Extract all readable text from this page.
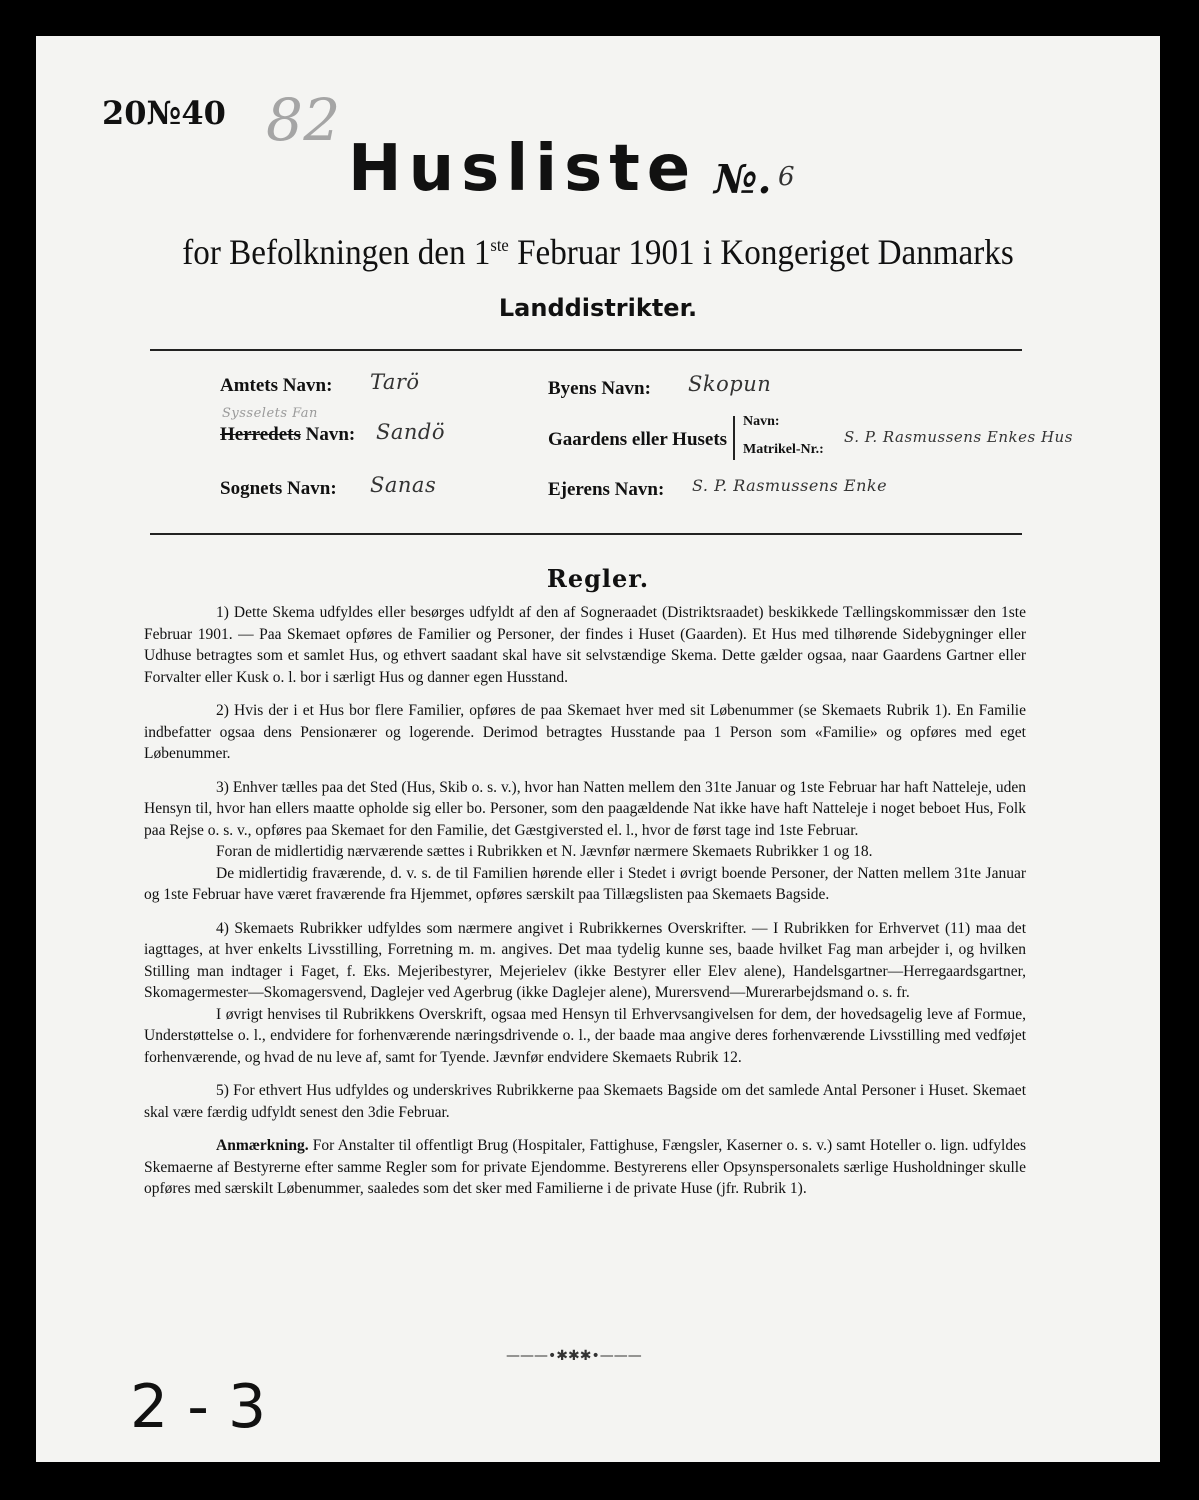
20№40 82
Husliste №. 6
for Befolkningen den 1ste Februar 1901 i Kongeriget Danmarks
Landdistrikter.
Amtets Navn: Tarö
Sysselets Fan
Herredets Navn: Sandö
Sognets Navn: Sanas
Byens Navn: Skopun
Gaardens eller Husets
Navn:
Matrikel-Nr.:
S. P. Rasmussens Enkes Hus
Ejerens Navn: S. P. Rasmussens Enke
Regler.

1) Dette Skema udfyldes eller besørges udfyldt af den af Sogneraadet (Distriktsraadet) beskikkede Tællingskommissær den 1ste Februar 1901. — Paa Skemaet opføres de Familier og Personer, der findes i Huset (Gaarden). Et Hus med tilhørende Sidebygninger eller Udhuse betragtes som et samlet Hus, og ethvert saadant skal have sit selvstændige Skema. Dette gælder ogsaa, naar Gaardens Gartner eller Forvalter eller Kusk o. l. bor i særligt Hus og danner egen Husstand.

2) Hvis der i et Hus bor flere Familier, opføres de paa Skemaet hver med sit Løbenummer (se Skemaets Rubrik 1). En Familie indbefatter ogsaa dens Pensionærer og logerende. Derimod betragtes Husstande paa 1 Person som «Familie» og opføres med eget Løbenummer.

3) Enhver tælles paa det Sted (Hus, Skib o. s. v.), hvor han Natten mellem den 31te Januar og 1ste Februar har haft Natteleje, uden Hensyn til, hvor han ellers maatte opholde sig eller bo. Personer, som den paagældende Nat ikke have haft Natteleje i noget beboet Hus, Folk paa Rejse o. s. v., opføres paa Skemaet for den Familie, det Gæstgiversted el. l., hvor de først tage ind 1ste Februar.

Foran de midlertidig nærværende sættes i Rubrikken et N. Jævnfør nærmere Skemaets Rubrikker 1 og 18.

De midlertidig fraværende, d. v. s. de til Familien hørende eller i Stedet i øvrigt boende Personer, der Natten mellem 31te Januar og 1ste Februar have været fraværende fra Hjemmet, opføres særskilt paa Tillægslisten paa Skemaets Bagside.

4) Skemaets Rubrikker udfyldes som nærmere angivet i Rubrikkernes Overskrifter. — I Rubrikken for Erhvervet (11) maa det iagttages, at hver enkelts Livsstilling, Forretning m. m. angives. Det maa tydelig kunne ses, baade hvilket Fag man arbejder i, og hvilken Stilling man indtager i Faget, f. Eks. Mejeribestyrer, Mejerielev (ikke Bestyrer eller Elev alene), Handelsgartner—Herregaardsgartner, Skomagermester—Skomagersvend, Daglejer ved Agerbrug (ikke Daglejer alene), Murersvend—Murerarbejdsmand o. s. fr.

I øvrigt henvises til Rubrikkens Overskrift, ogsaa med Hensyn til Erhvervsangivelsen for dem, der hovedsagelig leve af Formue, Understøttelse o. l., endvidere for forhenværende næringsdrivende o. l., der baade maa angive deres forhenværende Livsstilling med vedføjet forhenværende, og hvad de nu leve af, samt for Tyende. Jævnfør endvidere Skemaets Rubrik 12.

5) For ethvert Hus udfyldes og underskrives Rubrikkerne paa Skemaets Bagside om det samlede Antal Personer i Huset. Skemaet skal være færdig udfyldt senest den 3die Februar.

Anmærkning. For Anstalter til offentligt Brug (Hospitaler, Fattighuse, Fængsler, Kaserner o. s. v.) samt Hoteller o. lign. udfyldes Skemaerne af Bestyrerne efter samme Regler som for private Ejendomme. Bestyrerens eller Opsynspersonalets særlige Husholdninger skulle opføres med særskilt Løbenummer, saaledes som det sker med Familierne i de private Huse (jfr. Rubrik 1).

———•✱✱✱•———
2 - 3
